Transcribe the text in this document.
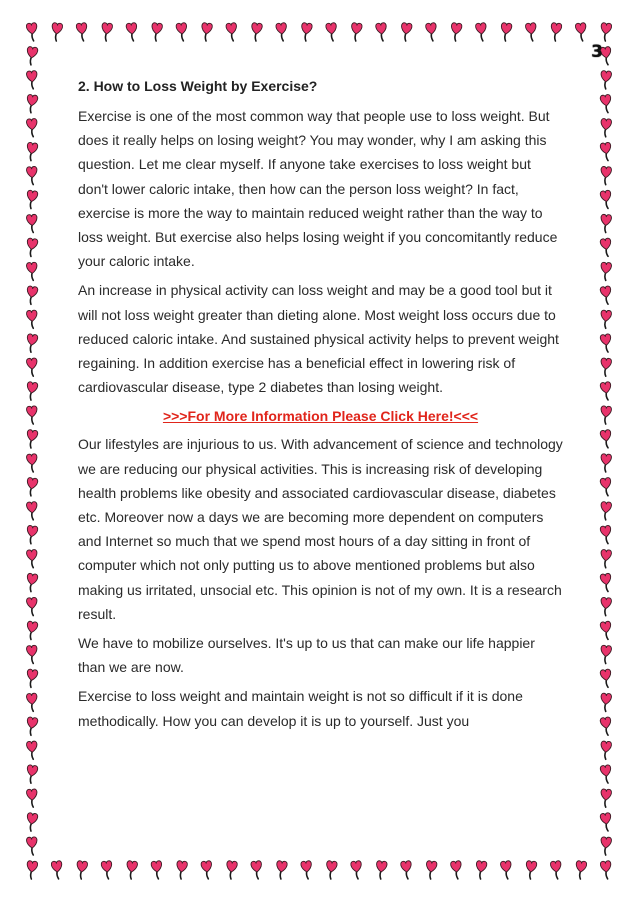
3
2. How to Loss Weight by Exercise?

Exercise is one of the most common way that people use to loss weight. But does it really helps on losing weight? You may wonder, why I am asking this question. Let me clear myself. If anyone take exercises to loss weight but don't lower caloric intake, then how can the person loss weight? In fact, exercise is more the way to maintain reduced weight rather than the way to loss weight. But exercise also helps losing weight if you concomitantly reduce your caloric intake.

An increase in physical activity can loss weight and may be a good tool but it will not loss weight greater than dieting alone. Most weight loss occurs due to reduced caloric intake. And sustained physical activity helps to prevent weight regaining. In addition exercise has a beneficial effect in lowering risk of cardiovascular disease, type 2 diabetes than losing weight.

>>>For More Information Please Click Here!<<<

Our lifestyles are injurious to us. With advancement of science and technology we are reducing our physical activities. This is increasing risk of developing health problems like obesity and associated cardiovascular disease, diabetes etc. Moreover now a days we are becoming more dependent on computers and Internet so much that we spend most hours of a day sitting in front of computer which not only putting us to above mentioned problems but also making us irritated, unsocial etc. This opinion is not of my own. It is a research result.

We have to mobilize ourselves. It's up to us that can make our life happier than we are now.

Exercise to loss weight and maintain weight is not so difficult if it is done methodically. How you can develop it is up to yourself. Just you
